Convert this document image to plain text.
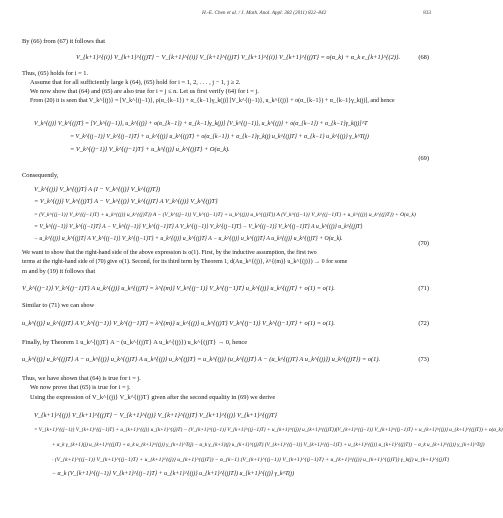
H.-E. Chen et al. / J. Math. Anal. Appl. 382 (2011) 822–842	833
By (66) from (67) it follows that
V_{k+1}^{(i)} V_{k+1}^{(j)T} − V_{k+1}^{(i)} V_{k+1}^{(j)T} V_{k+1}^{(i)} V_{k+1}^{(j)T} = o(α_k) + α_k e_{k+1}^{(2)}.	(68)
Thus, (65) holds for i = 1.
Assume that for all sufficiently large k (64), (65) hold for i = 1, 2, . . . , j − 1, j ≥ 2.
We now show that (64) and (65) are also true for i = j ≤ n. Let us first verify (64) for i = j.
From (20) it is seen that V_k^{(j)} = [V_k^{(j−1)}, ρ(α_{k−1}) + α_{k−1}γ_k(j)] [V_k^{(j−1)}, u_k^{(j)} + o(α_{k−1}) + α_{k−1}γ_k(j)], and hence
V_k^{(j)} V_k^{(j)T} = [V_k^{(j−1)}, u_k^{(j)} + o(α_{k−1}) + α_{k−1}γ_k(j)] [V_k^{(j−1)}, u_k^{(j)} + o(α_{k−1}) + α_{k−1}γ_k(j)]^T
= V_k^{(j−1)} V_k^{(j−1)T} + u_k^{(j)} u_k^{(j)T} + o(α_{k−1}) + α_{k−1}γ_k(j) u_k^{(j)T} + α_{k−1} u_k^{(j)} γ_k^T(j)
= V_k^{(j−1)} V_k^{(j−1)T} + u_k^{(j)} u_k^{(j)T} + O(α_k).
(69)
Consequently,
V_k^{(j)} V_k^{(j)T} A (I − V_k^{(j)} V_k^{(j)T})
= V_k^{(j)} V_k^{(j)T} A − V_k^{(j)} V_k^{(j)T} A V_k^{(j)} V_k^{(j)T}
= (V_k^{(j−1)} V_k^{(j−1)T} + u_k^{(j)} u_k^{(j)T}) A − (V_k^{(j−1)} V_k^{(j−1)T} + u_k^{(j)} u_k^{(j)T}) A (V_k^{(j−1)} V_k^{(j−1)T} + u_k^{(j)} u_k^{(j)T}) + O(α_k)
= V_k^{(j−1)} V_k^{(j−1)T} A − V_k^{(j−1)} V_k^{(j−1)T} A V_k^{(j−1)} V_k^{(j−1)T} − V_k^{(j−1)} V_k^{(j−1)T} A u_k^{(j)} u_k^{(j)T}
− u_k^{(j)} u_k^{(j)T} A V_k^{(j−1)} V_k^{(j−1)T} + u_k^{(j)} u_k^{(j)T} A − u_k^{(j)} u_k^{(j)T} A u_k^{(j)} u_k^{(j)T} + O(α_k).
(70)
We want to show that the right-hand side of the above expression is o(1). First, by the inductive assumption, the first two
terms at the right-hand side of (70) give o(1). Second, for its third term by Theorem 1, d(Au_k^{(j)}, λ^{(m)} u_k^{(j)}) → 0 for some
m and by (19) it follows that
V_k^{(j−1)} V_k^{(j−1)T} A u_k^{(j)} u_k^{(j)T} = λ^{(m)} V_k^{(j−1)} V_k^{(j−1)T} u_k^{(j)} u_k^{(j)T} + o(1) = o(1).	(71)
Similar to (71) we can show
u_k^{(j)} u_k^{(j)T} A V_k^{(j−1)} V_k^{(j−1)T} = λ^{(m)} u_k^{(j)} u_k^{(j)T} V_k^{(j−1)} V_k^{(j−1)T} + o(1) = o(1).	(72)
Finally, by Theorem 1 u_k^{(j)T} A − (u_k^{(j)T} A u_k^{(j)}) u_k^{(j)T} → 0, hence
u_k^{(j)} u_k^{(j)T} A − u_k^{(j)} u_k^{(j)T} A u_k^{(j)} u_k^{(j)T} = u_k^{(j)} (u_k^{(j)T} A − (u_k^{(j)T} A u_k^{(j)}) u_k^{(j)T}) = o(1).	(73)
Thus, we have shown that (64) is true for i = j.
We now prove that (65) is true for i = j.
Using the expression of V_k^{(j)} V_k^{(j)T} given after the second equality in (69) we derive
V_{k+1}^{(j)} V_{k+1}^{(j)T} − V_{k+1}^{(j)} V_{k+1}^{(j)T} V_{k+1}^{(j)} V_{k+1}^{(j)T}
= V_{k+1}^{(j−1)} V_{k+1}^{(j−1)T} + u_{k+1}^{(j)} u_{k+1}^{(j)T} − (V_{k+1}^{(j−1)} V_{k+1}^{(j−1)T} + u_{k+1}^{(j)} u_{k+1}^{(j)T})(V_{k+1}^{(j−1)} V_{k+1}^{(j−1)T} + u_{k+1}^{(j)} u_{k+1}^{(j)T}) + o(α_k)
+ α_k γ_{k+1}(j) u_{k+1}^{(j)T} + α_k u_{k+1}^{(j)} γ_{k+1}^T(j) − α_k γ_{k+1}(j) u_{k+1}^{(j)T} (V_{k+1}^{(j−1)} V_{k+1}^{(j−1)T} + u_{k+1}^{(j)} u_{k+1}^{(j)T}) − α_k u_{k+1}^{(j)} γ_{k+1}^T(j)
· (V_{k+1}^{(j−1)} V_{k+1}^{(j−1)T} + u_{k+1}^{(j)} u_{k+1}^{(j)T}) − α_{k−1} (V_{k+1}^{(j−1)} V_{k+1}^{(j−1)T} + u_{k+1}^{(j)} u_{k+1}^{(j)T}) γ_k(j) u_{k+1}^{(j)T}
− α_k (V_{k+1}^{(j−1)} V_{k+1}^{(j−1)T} + u_{k+1}^{(j)} u_{k+1}^{(j)T}) u_{k+1}^{(j)} γ_k^T(j)
